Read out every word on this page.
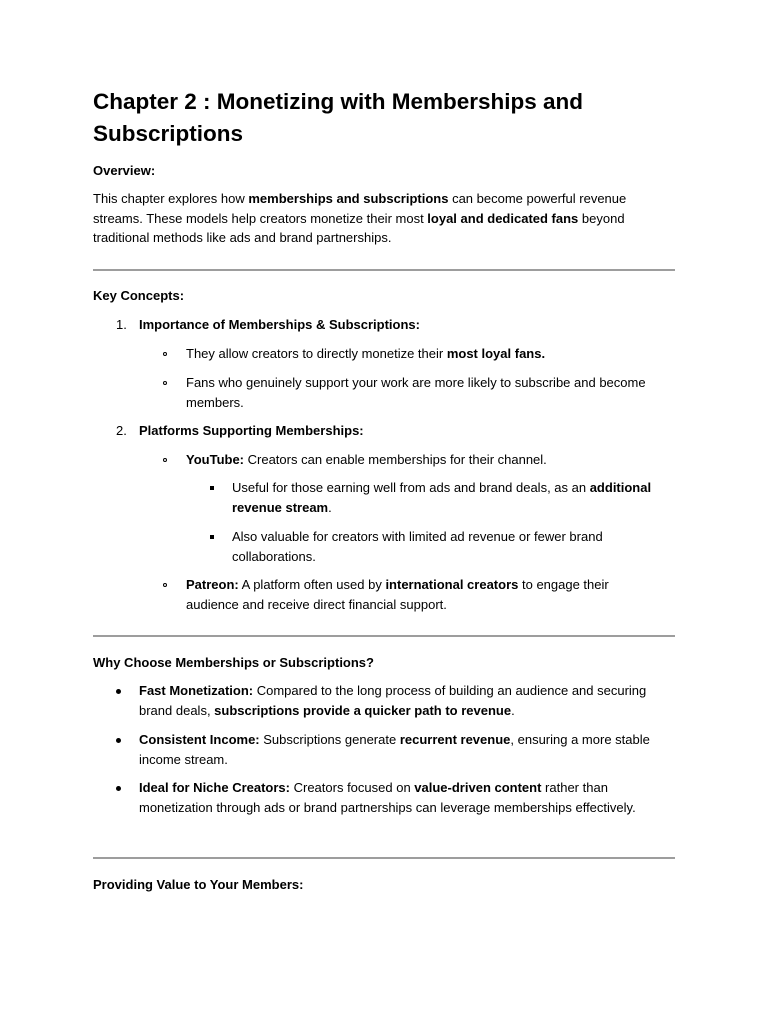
Chapter 2 : Monetizing with Memberships and Subscriptions

Overview:

This chapter explores how memberships and subscriptions can become powerful revenue streams. These models help creators monetize their most loyal and dedicated fans beyond traditional methods like ads and brand partnerships.

Key Concepts:

1. Importance of Memberships & Subscriptions:

They allow creators to directly monetize their most loyal fans.

Fans who genuinely support your work are more likely to subscribe and become members.

2. Platforms Supporting Memberships:

YouTube: Creators can enable memberships for their channel.

Useful for those earning well from ads and brand deals, as an additional revenue stream.

Also valuable for creators with limited ad revenue or fewer brand collaborations.

Patreon: A platform often used by international creators to engage their audience and receive direct financial support.

Why Choose Memberships or Subscriptions?

Fast Monetization: Compared to the long process of building an audience and securing brand deals, subscriptions provide a quicker path to revenue.

Consistent Income: Subscriptions generate recurrent revenue, ensuring a more stable income stream.

Ideal for Niche Creators: Creators focused on value-driven content rather than monetization through ads or brand partnerships can leverage memberships effectively.

Providing Value to Your Members:
